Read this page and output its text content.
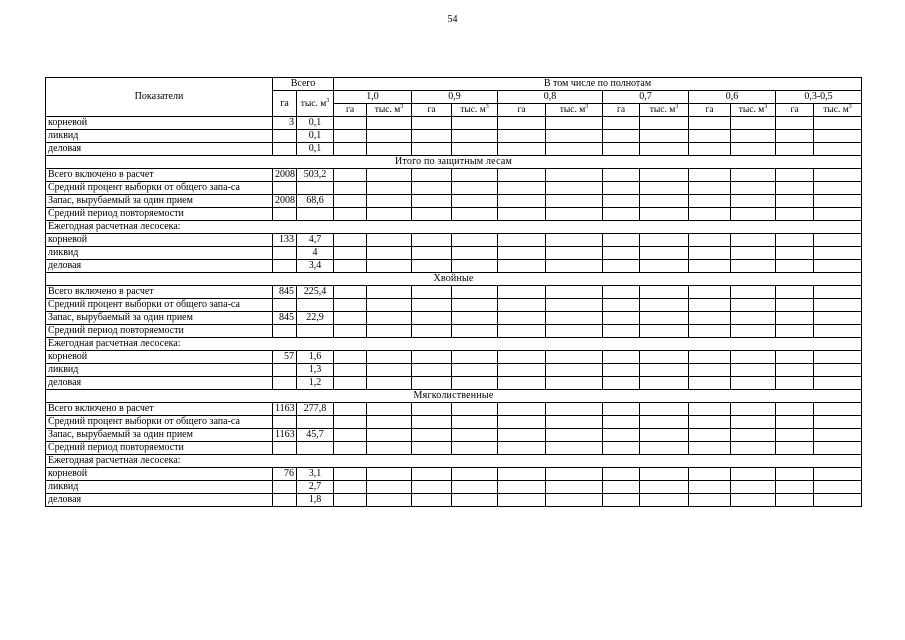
54
Показатели	Всего		В том числе по полнотам											
	га	тыс. $м^3$	1,0		0,9		0,8		0,7		0,6		0,3-0,5	
			га	тыс. $м^3$	га	тыс. $м^3$	га	тыс. $м^3$	га	тыс. $м^3$	га	тыс. $м^3$	га	тыс. $м^3$
корневой	3	0,1												
ликвид		0,1												
деловая		0,1												
Итого по защитным лесам														
Всего включено в расчет	2008	503,2												
Средний процент выборки от общего запа-са														
Запас, вырубаемый за один прием	2008	68,6												
Средний период повторяемости														
Ежегодная расчетная лесосека:														
корневой	133	4,7												
ликвид		4												
деловая		3,4												
Хвойные														
Всего включено в расчет	845	225,4												
Средний процент выборки от общего запа-са														
Запас, вырубаемый за один прием	845	22,9												
Средний период повторяемости														
Ежегодная расчетная лесосека:														
корневой	57	1,6												
ликвид		1,3												
деловая		1,2												
Мягколиственные														
Всего включено в расчет	1163	277,8												
Средний процент выборки от общего запа-са														
Запас, вырубаемый за один прием	1163	45,7												
Средний период повторяемости														
Ежегодная расчетная лесосека:														
корневой	76	3,1												
ликвид		2,7												
деловая		1,8												
